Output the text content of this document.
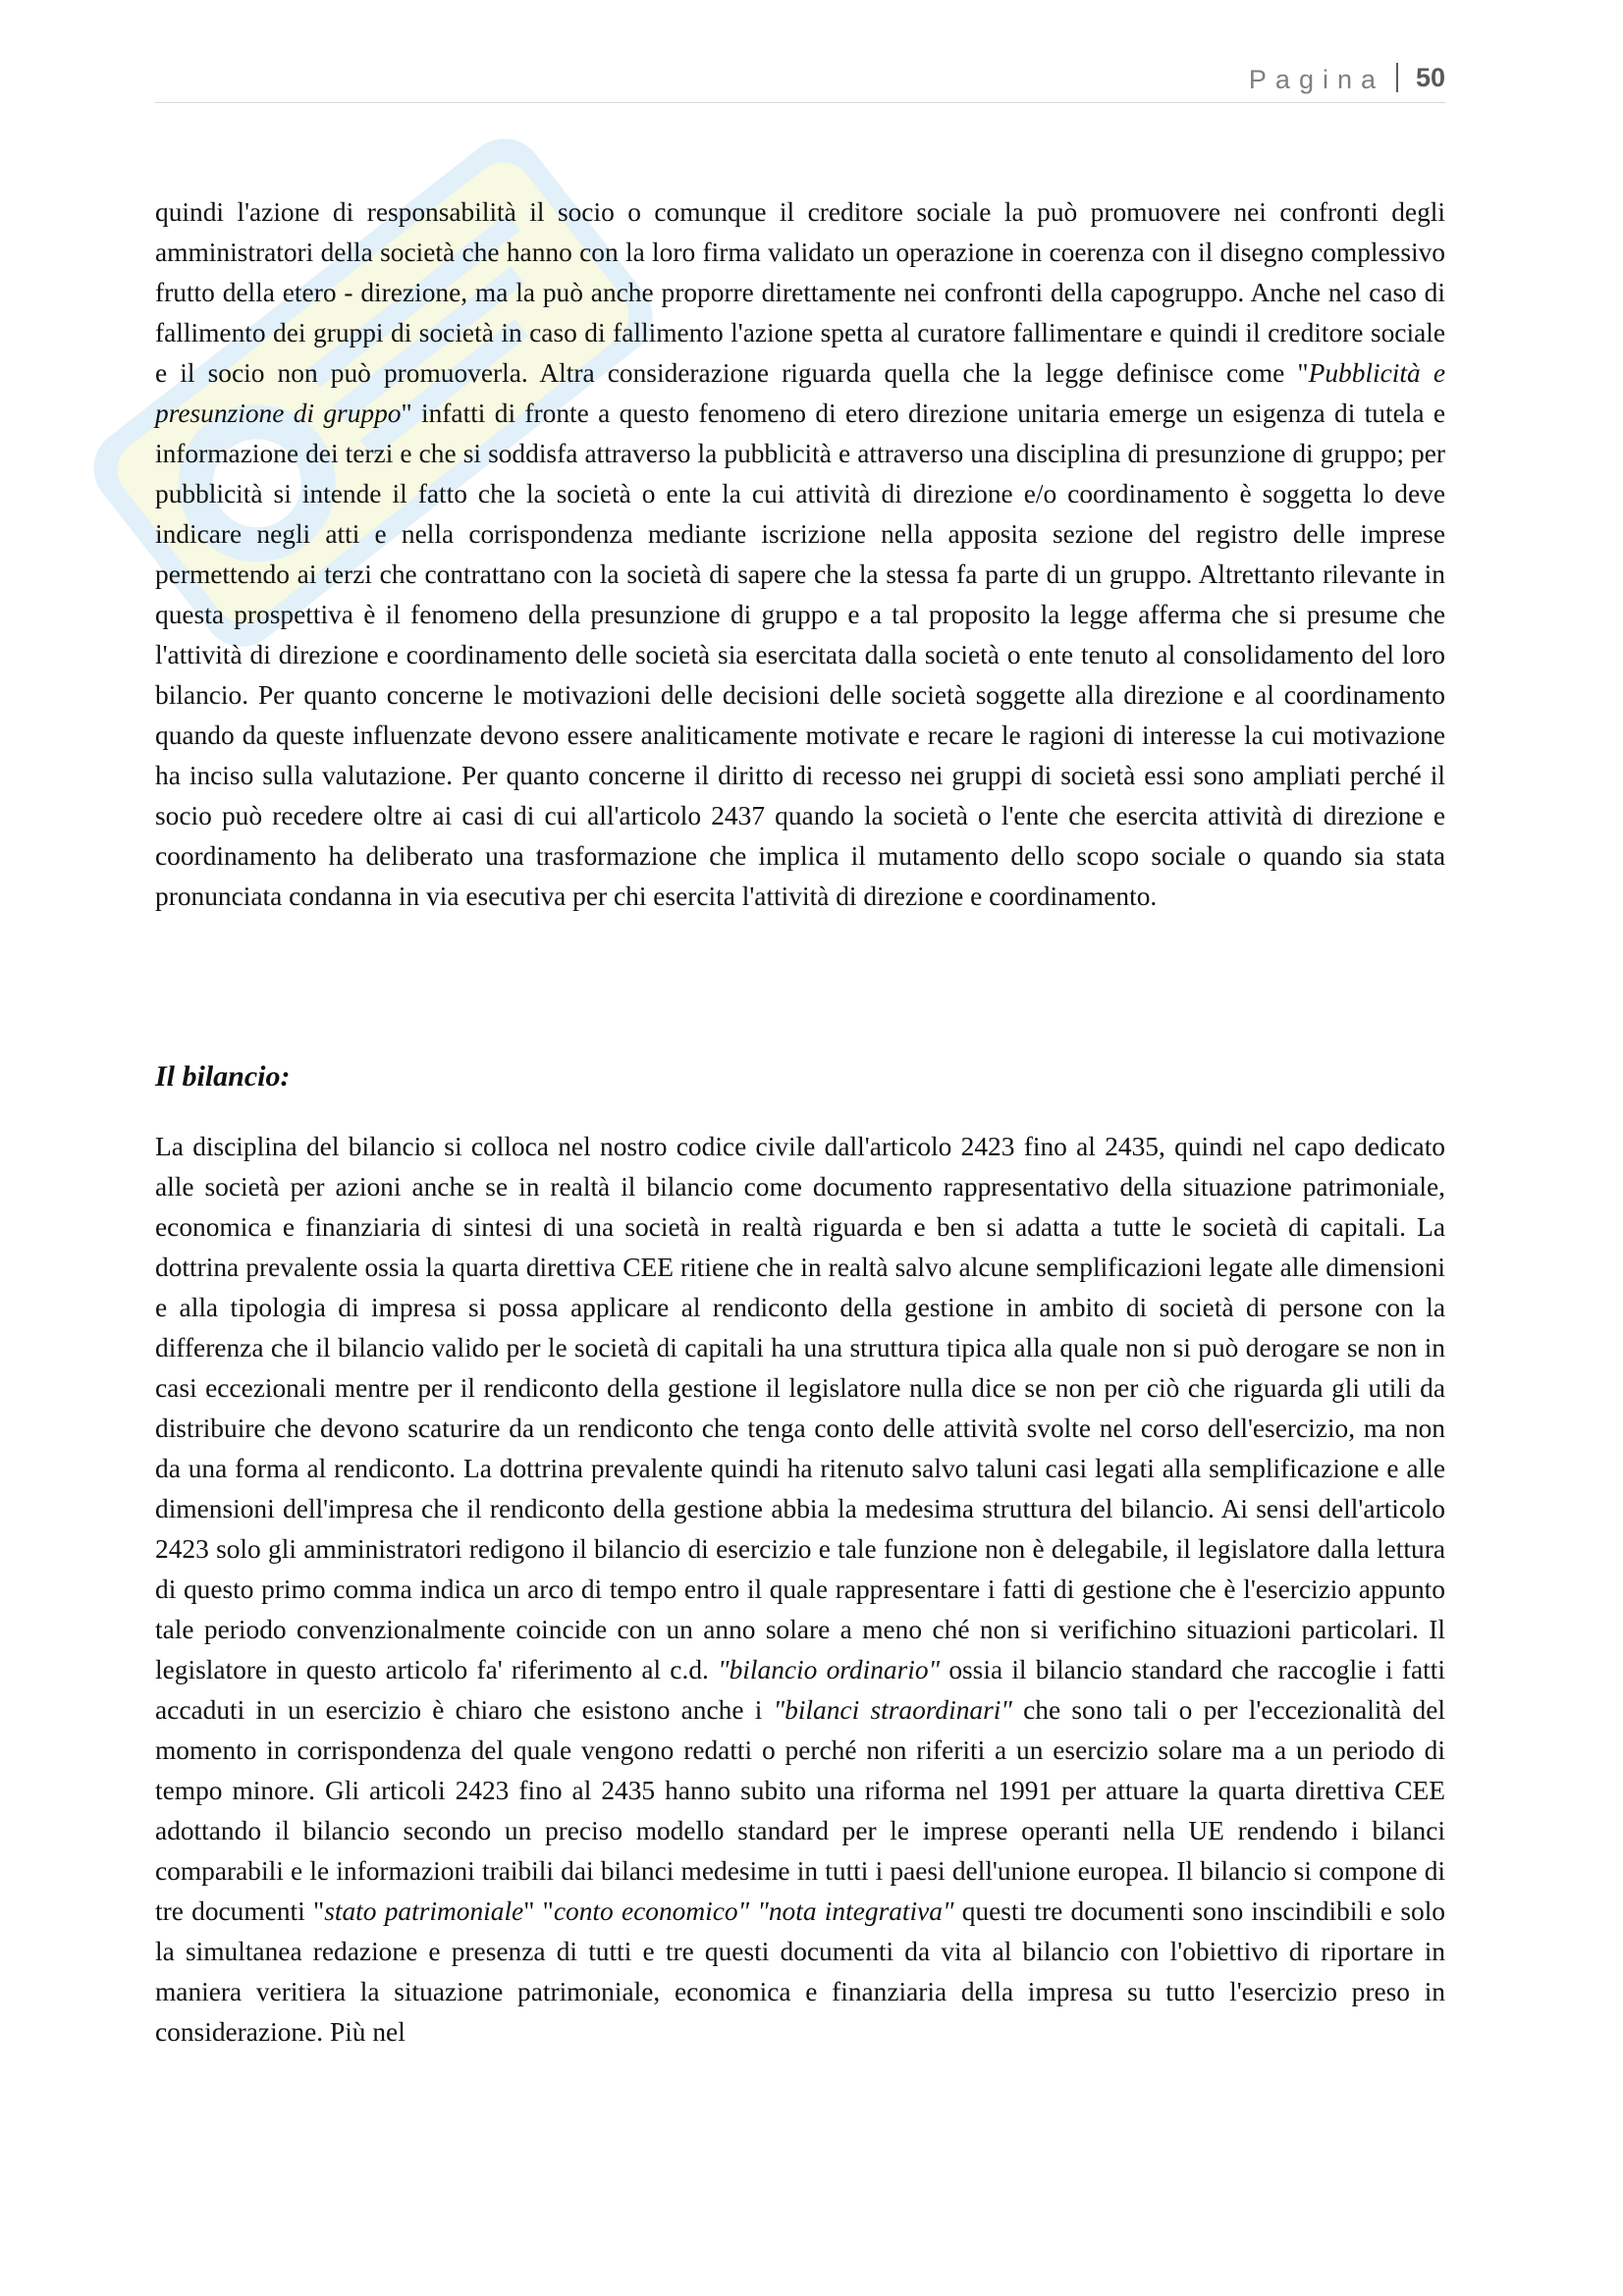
Pagina 50

quindi l'azione di responsabilità il socio o comunque il creditore sociale la può promuovere nei confronti degli amministratori della società che hanno con la loro firma validato un operazione in coerenza con il disegno complessivo frutto della etero - direzione, ma la può anche proporre direttamente nei confronti della capogruppo. Anche nel caso di fallimento dei gruppi di società in caso di fallimento l'azione spetta al curatore fallimentare e quindi il creditore sociale e il socio non può promuoverla. Altra considerazione riguarda quella che la legge definisce come "Pubblicità e presunzione di gruppo" infatti di fronte a questo fenomeno di etero direzione unitaria emerge un esigenza di tutela e informazione dei terzi e che si soddisfa attraverso la pubblicità e attraverso una disciplina di presunzione di gruppo; per pubblicità si intende il fatto che la società o ente la cui attività di direzione e/o coordinamento è soggetta lo deve indicare negli atti e nella corrispondenza mediante iscrizione nella apposita sezione del registro delle imprese permettendo ai terzi che contrattano con la società di sapere che la stessa fa parte di un gruppo. Altrettanto rilevante in questa prospettiva è il fenomeno della presunzione di gruppo e a tal proposito la legge afferma che si presume che l'attività di direzione e coordinamento delle società sia esercitata dalla società o ente tenuto al consolidamento del loro bilancio. Per quanto concerne le motivazioni delle decisioni delle società soggette alla direzione e al coordinamento quando da queste influenzate devono essere analiticamente motivate e recare le ragioni di interesse la cui motivazione ha inciso sulla valutazione. Per quanto concerne il diritto di recesso nei gruppi di società essi sono ampliati perché il socio può recedere oltre ai casi di cui all'articolo 2437 quando la società o l'ente che esercita attività di direzione e coordinamento ha deliberato una trasformazione che implica il mutamento dello scopo sociale o quando sia stata pronunciata condanna in via esecutiva per chi esercita l'attività di direzione e coordinamento.

Il bilancio:

La disciplina del bilancio si colloca nel nostro codice civile dall'articolo 2423 fino al 2435, quindi nel capo dedicato alle società per azioni anche se in realtà il bilancio come documento rappresentativo della situazione patrimoniale, economica e finanziaria di sintesi di una società in realtà riguarda e ben si adatta a tutte le società di capitali. La dottrina prevalente ossia la quarta direttiva CEE ritiene che in realtà salvo alcune semplificazioni legate alle dimensioni e alla tipologia di impresa si possa applicare al rendiconto della gestione in ambito di società di persone con la differenza che il bilancio valido per le società di capitali ha una struttura tipica alla quale non si può derogare se non in casi eccezionali mentre per il rendiconto della gestione il legislatore nulla dice se non per ciò che riguarda gli utili da distribuire che devono scaturire da un rendiconto che tenga conto delle attività svolte nel corso dell'esercizio, ma non da una forma al rendiconto. La dottrina prevalente quindi ha ritenuto salvo taluni casi legati alla semplificazione e alle dimensioni dell'impresa che il rendiconto della gestione abbia la medesima struttura del bilancio. Ai sensi dell'articolo 2423 solo gli amministratori redigono il bilancio di esercizio e tale funzione non è delegabile, il legislatore dalla lettura di questo primo comma indica un arco di tempo entro il quale rappresentare i fatti di gestione che è l'esercizio appunto tale periodo convenzionalmente coincide con un anno solare a meno ché non si verifichino situazioni particolari. Il legislatore in questo articolo fa' riferimento al c.d. "bilancio ordinario" ossia il bilancio standard che raccoglie i fatti accaduti in un esercizio è chiaro che esistono anche i "bilanci straordinari" che sono tali o per l'eccezionalità del momento in corrispondenza del quale vengono redatti o perché non riferiti a un esercizio solare ma a un periodo di tempo minore. Gli articoli 2423 fino al 2435 hanno subito una riforma nel 1991 per attuare la quarta direttiva CEE adottando il bilancio secondo un preciso modello standard per le imprese operanti nella UE rendendo i bilanci comparabili e le informazioni traibili dai bilanci medesime in tutti i paesi dell'unione europea. Il bilancio si compone di tre documenti "stato patrimoniale" "conto economico" "nota integrativa" questi tre documenti sono inscindibili e solo la simultanea redazione e presenza di tutti e tre questi documenti da vita al bilancio con l'obiettivo di riportare in maniera veritiera la situazione patrimoniale, economica e finanziaria della impresa su tutto l'esercizio preso in considerazione. Più nel
